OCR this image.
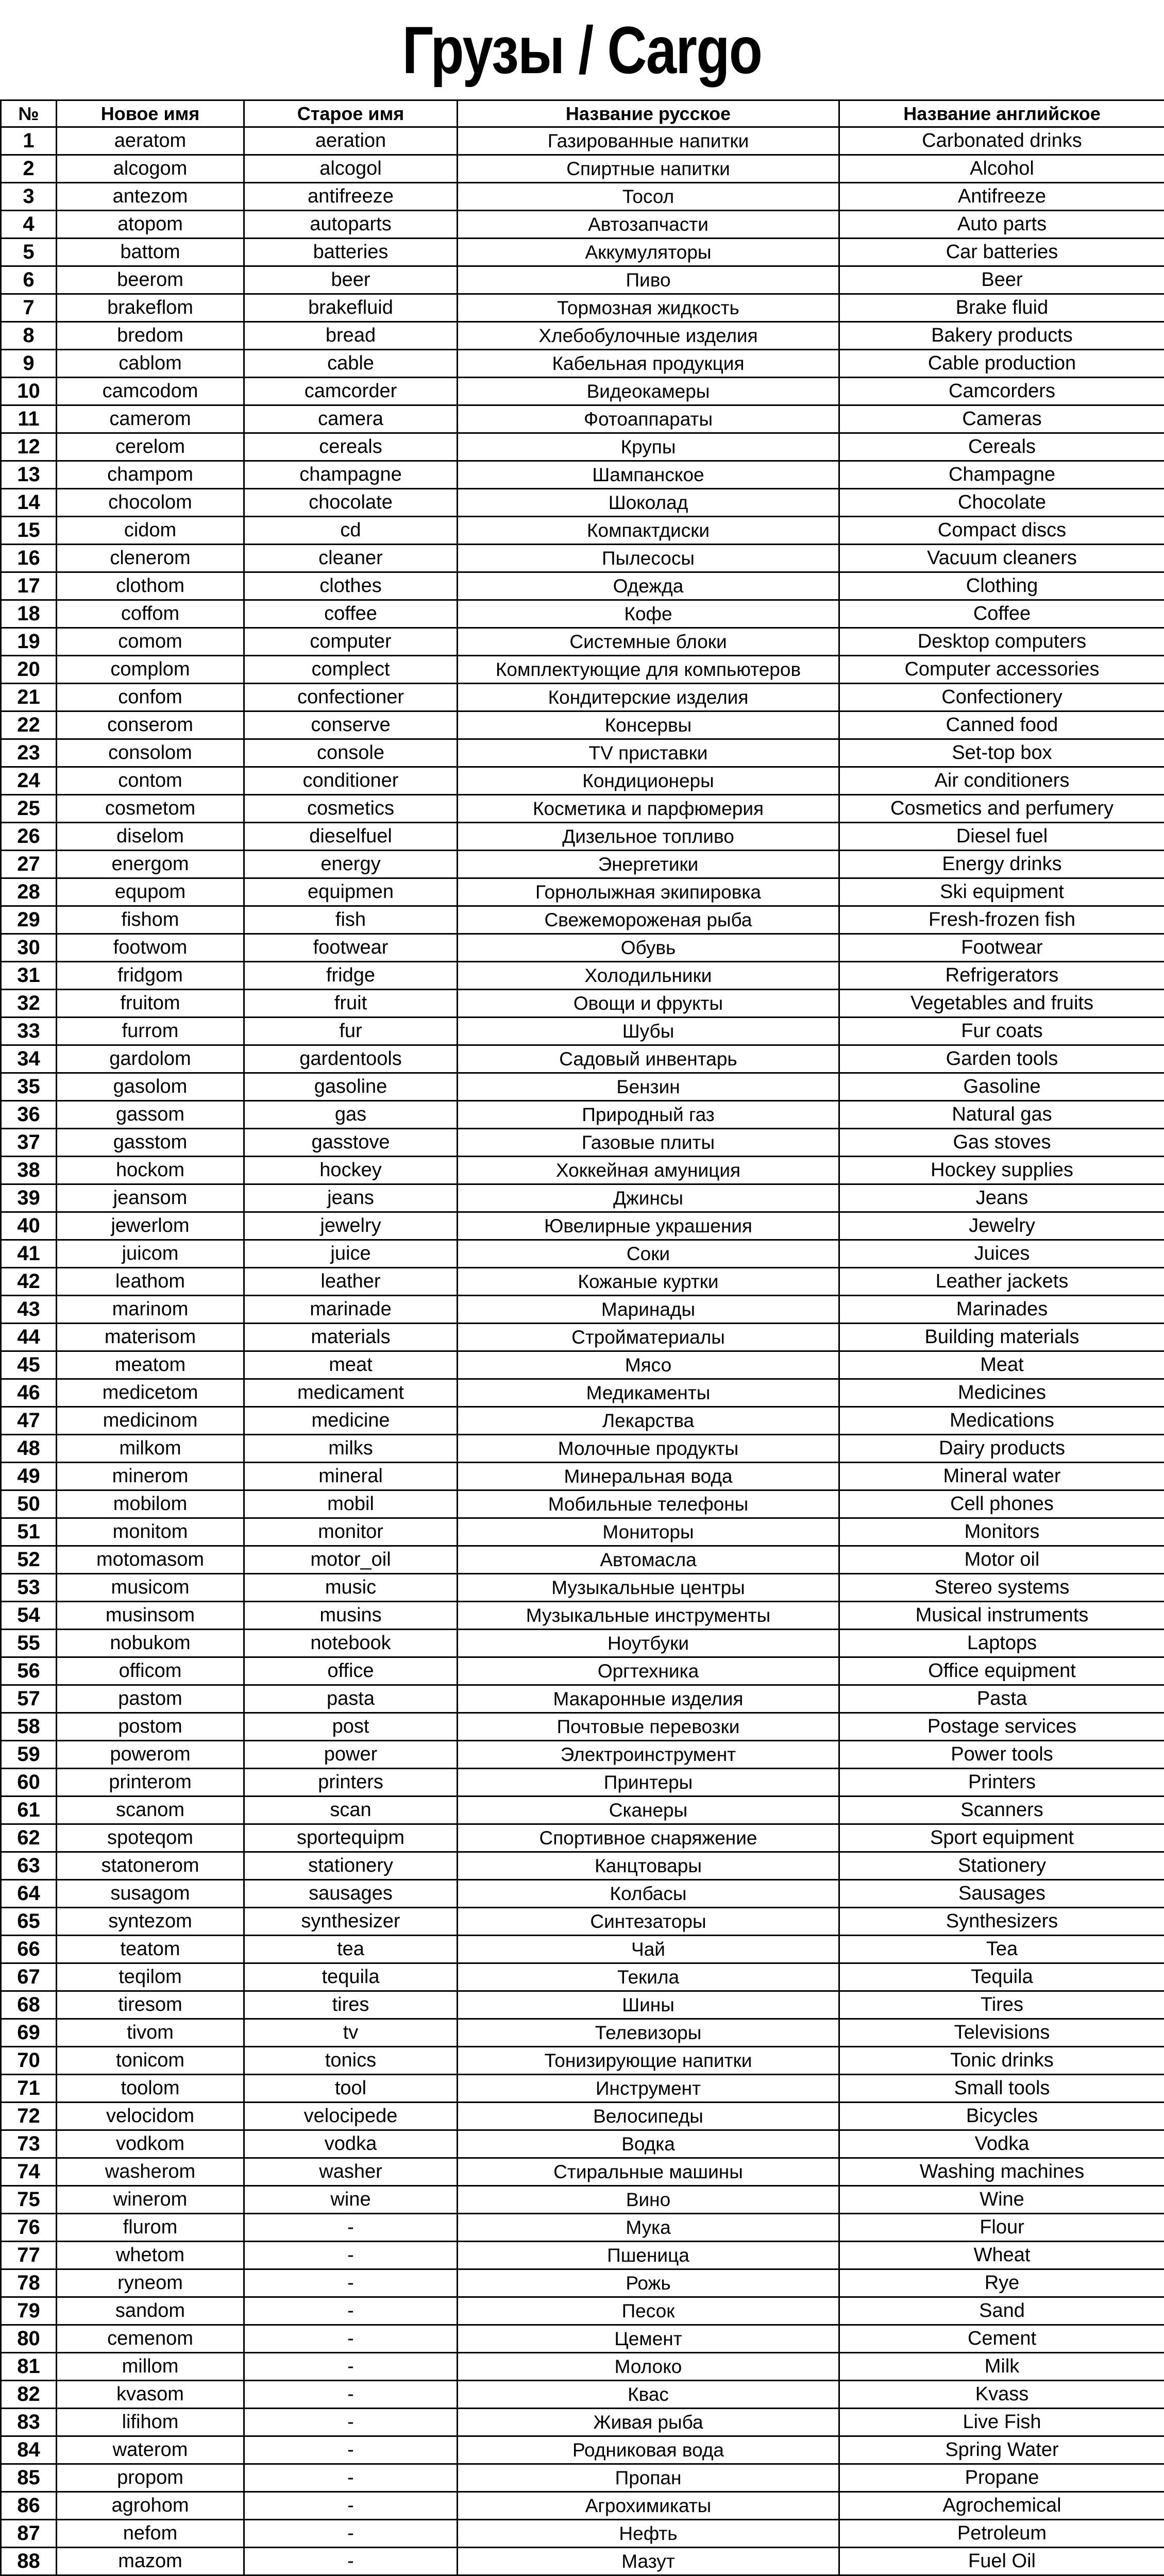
Грузы / Cargo
№	Новое имя	Старое имя	Название русское	Название английское
1	aeratom	aeration	Газированные напитки	Carbonated drinks
2	alcogom	alcogol	Спиртные напитки	Alcohol
3	antezom	antifreeze	Тосол	Antifreeze
4	atopom	autoparts	Автозапчасти	Auto parts
5	battom	batteries	Аккумуляторы	Car batteries
6	beerom	beer	Пиво	Beer
7	brakeflom	brakefluid	Тормозная жидкость	Brake fluid
8	bredom	bread	Хлебобулочные изделия	Bakery products
9	cablom	cable	Кабельная продукция	Cable production
10	camcodom	camcorder	Видеокамеры	Camcorders
11	camerom	camera	Фотоаппараты	Cameras
12	cerelom	cereals	Крупы	Cereals
13	champom	champagne	Шампанское	Champagne
14	chocolom	chocolate	Шоколад	Chocolate
15	cidom	cd	Компактдиски	Compact discs
16	clenerom	cleaner	Пылесосы	Vacuum cleaners
17	clothom	clothes	Одежда	Clothing
18	coffom	coffee	Кофе	Coffee
19	comom	computer	Системные блоки	Desktop computers
20	complom	complect	Комплектующие для компьютеров	Computer accessories
21	confom	confectioner	Кондитерские изделия	Confectionery
22	conserom	conserve	Консервы	Canned food
23	consolom	console	TV приставки	Set-top box
24	contom	conditioner	Кондиционеры	Air conditioners
25	cosmetom	cosmetics	Косметика и парфюмерия	Cosmetics and perfumery
26	diselom	dieselfuel	Дизельное топливо	Diesel fuel
27	energom	energy	Энергетики	Energy drinks
28	equpom	equipmen	Горнолыжная экипировка	Ski equipment
29	fishom	fish	Свежемороженая рыба	Fresh-frozen fish
30	footwom	footwear	Обувь	Footwear
31	fridgom	fridge	Холодильники	Refrigerators
32	fruitom	fruit	Овощи и фрукты	Vegetables and fruits
33	furrom	fur	Шубы	Fur coats
34	gardolom	gardentools	Садовый инвентарь	Garden tools
35	gasolom	gasoline	Бензин	Gasoline
36	gassom	gas	Природный газ	Natural gas
37	gasstom	gasstove	Газовые плиты	Gas stoves
38	hockom	hockey	Хоккейная амуниция	Hockey supplies
39	jeansom	jeans	Джинсы	Jeans
40	jewerlom	jewelry	Ювелирные украшения	Jewelry
41	juicom	juice	Соки	Juices
42	leathom	leather	Кожаные куртки	Leather jackets
43	marinom	marinade	Маринады	Marinades
44	materisom	materials	Стройматериалы	Building materials
45	meatom	meat	Мясо	Meat
46	medicetom	medicament	Медикаменты	Medicines
47	medicinom	medicine	Лекарства	Medications
48	milkom	milks	Молочные продукты	Dairy products
49	minerom	mineral	Минеральная вода	Mineral water
50	mobilom	mobil	Мобильные телефоны	Cell phones
51	monitom	monitor	Мониторы	Monitors
52	motomasom	motor_oil	Автомасла	Motor oil
53	musicom	music	Музыкальные центры	Stereo systems
54	musinsom	musins	Музыкальные инструменты	Musical instruments
55	nobukom	notebook	Ноутбуки	Laptops
56	officom	office	Оргтехника	Office equipment
57	pastom	pasta	Макаронные изделия	Pasta
58	postom	post	Почтовые перевозки	Postage services
59	powerom	power	Электроинструмент	Power tools
60	printerom	printers	Принтеры	Printers
61	scanom	scan	Сканеры	Scanners
62	spoteqom	sportequipm	Спортивное снаряжение	Sport equipment
63	statonerom	stationery	Канцтовары	Stationery
64	susagom	sausages	Колбасы	Sausages
65	syntezom	synthesizer	Синтезаторы	Synthesizers
66	teatom	tea	Чай	Tea
67	teqilom	tequila	Текила	Tequila
68	tiresom	tires	Шины	Tires
69	tivom	tv	Телевизоры	Televisions
70	tonicom	tonics	Тонизирующие напитки	Tonic drinks
71	toolom	tool	Инструмент	Small tools
72	velocidom	velocipede	Велосипеды	Bicycles
73	vodkom	vodka	Водка	Vodka
74	washerom	washer	Стиральные машины	Washing machines
75	winerom	wine	Вино	Wine
76	flurom	-	Мука	Flour
77	whetom	-	Пшеница	Wheat
78	ryneom	-	Рожь	Rye
79	sandom	-	Песок	Sand
80	cemenom	-	Цемент	Cement
81	millom	-	Молоко	Milk
82	kvasom	-	Квас	Kvass
83	lifihom	-	Живая рыба	Live Fish
84	waterom	-	Родниковая вода	Spring Water
85	propom	-	Пропан	Propane
86	agrohom	-	Агрохимикаты	Agrochemical
87	nefom	-	Нефть	Petroleum
88	mazom	-	Мазут	Fuel Oil
